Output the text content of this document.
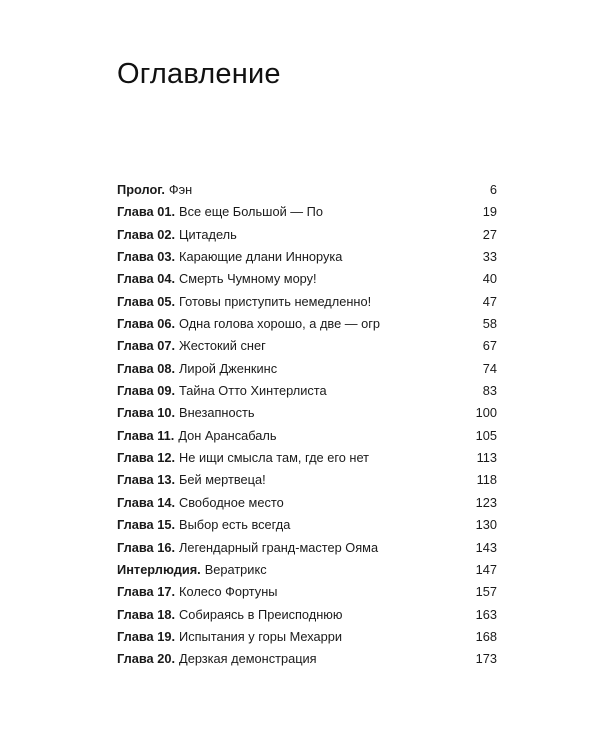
Оглавление
Пролог. Фэн	6
Глава 01. Все еще Большой — По	19
Глава 02. Цитадель	27
Глава 03. Карающие длани Иннорука	33
Глава 04. Смерть Чумному мору!	40
Глава 05. Готовы приступить немедленно!	47
Глава 06. Одна голова хорошо, а две — огр	58
Глава 07. Жестокий снег	67
Глава 08. Лирой Дженкинс	74
Глава 09. Тайна Отто Хинтерлиста	83
Глава 10. Внезапность	100
Глава 11. Дон Арансабаль	105
Глава 12. Не ищи смысла там, где его нет	113
Глава 13. Бей мертвеца!	118
Глава 14. Свободное место	123
Глава 15. Выбор есть всегда	130
Глава 16. Легендарный гранд-мастер Ояма	143
Интерлюдия. Вератрикс	147
Глава 17. Колесо Фортуны	157
Глава 18. Собираясь в Преисподнюю	163
Глава 19. Испытания у горы Мехарри	168
Глава 20. Дерзкая демонстрация	173
